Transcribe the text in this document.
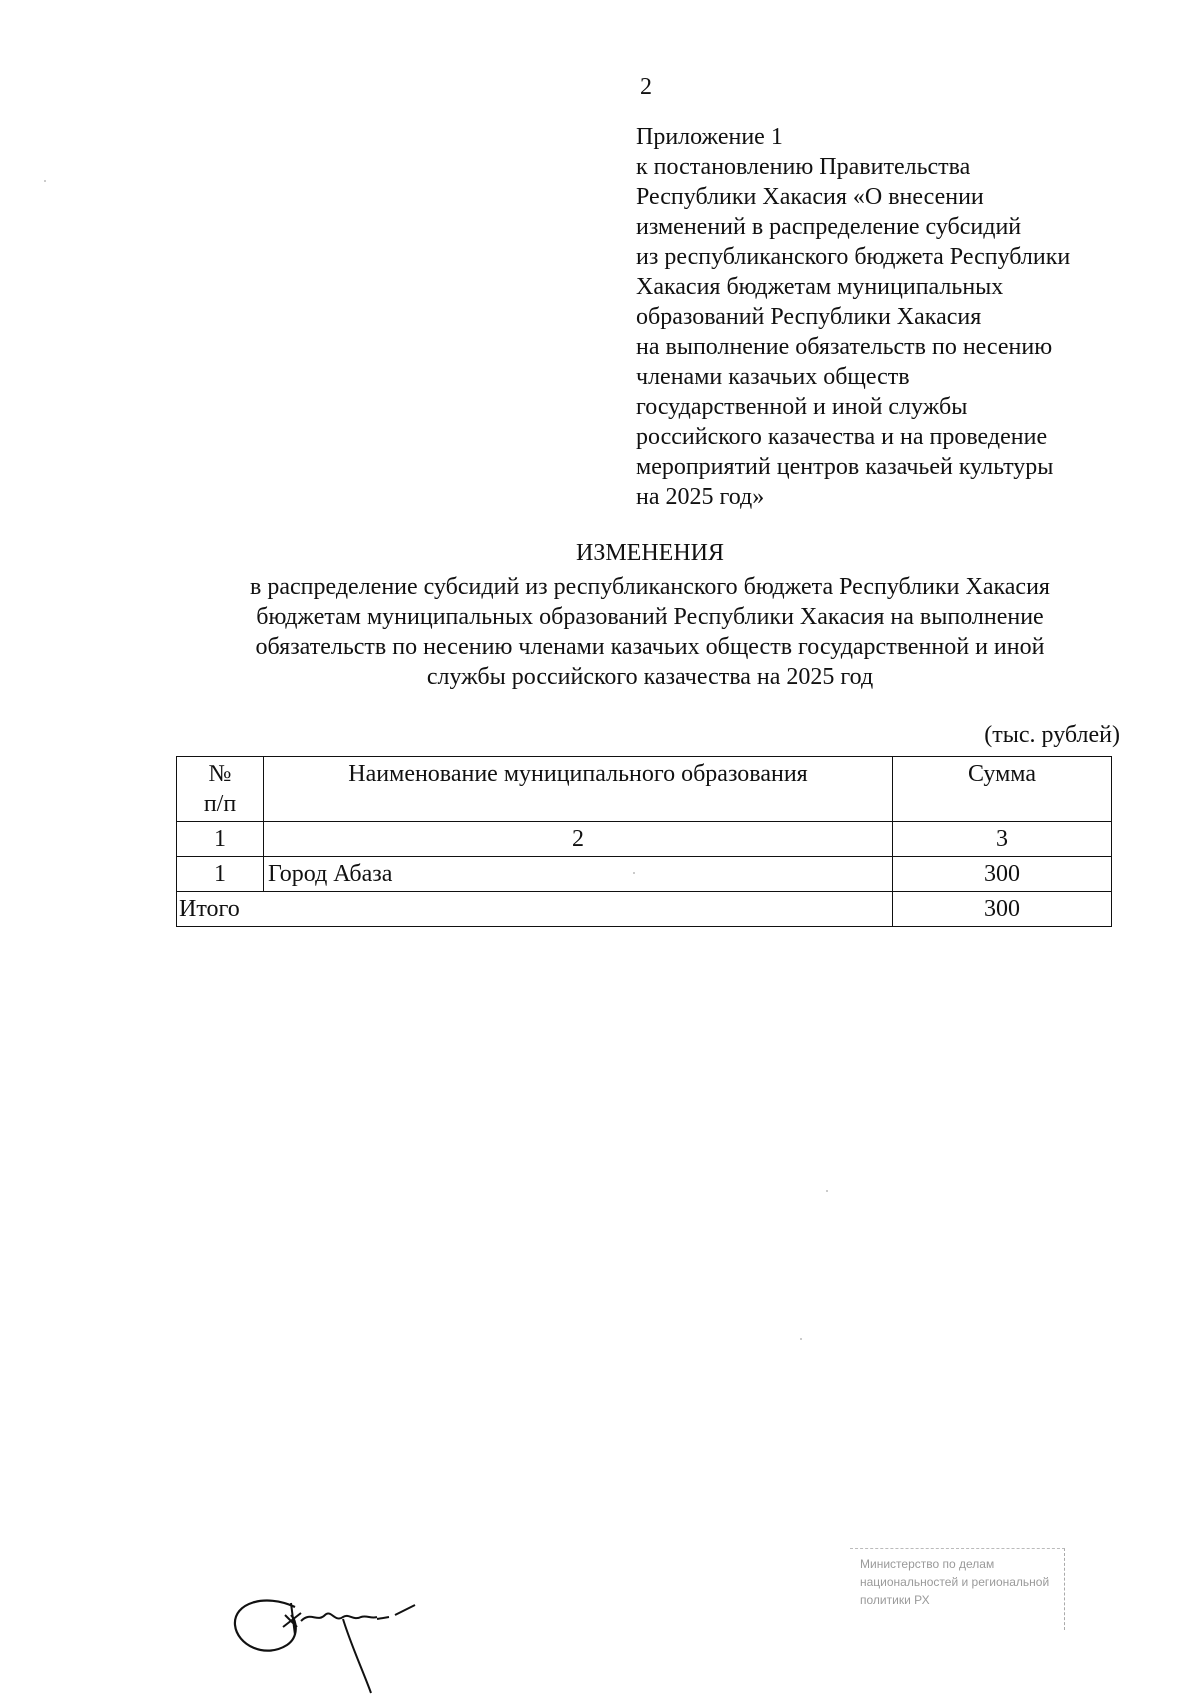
2
Приложение 1
к постановлению Правительства
Республики Хакасия «О внесении
изменений в распределение субсидий
из республиканского бюджета Республики
Хакасия бюджетам муниципальных
образований Республики Хакасия
на выполнение обязательств по несению
членами казачьих обществ
государственной и иной службы
российского казачества и на проведение
мероприятий центров казачьей культуры
на 2025 год»
ИЗМЕНЕНИЯ
в распределение субсидий из республиканского бюджета Республики Хакасия
бюджетам муниципальных образований Республики Хакасия на выполнение
обязательств по несению членами казачьих обществ государственной и иной
службы российского казачества на 2025 год
(тыс. рублей)
№
п/п	Наименование муниципального образования	Сумма
1	2	3
1	Город Абаза	300
Итого		300
Министерство по делам
национальностей и региональной
политики РХ
